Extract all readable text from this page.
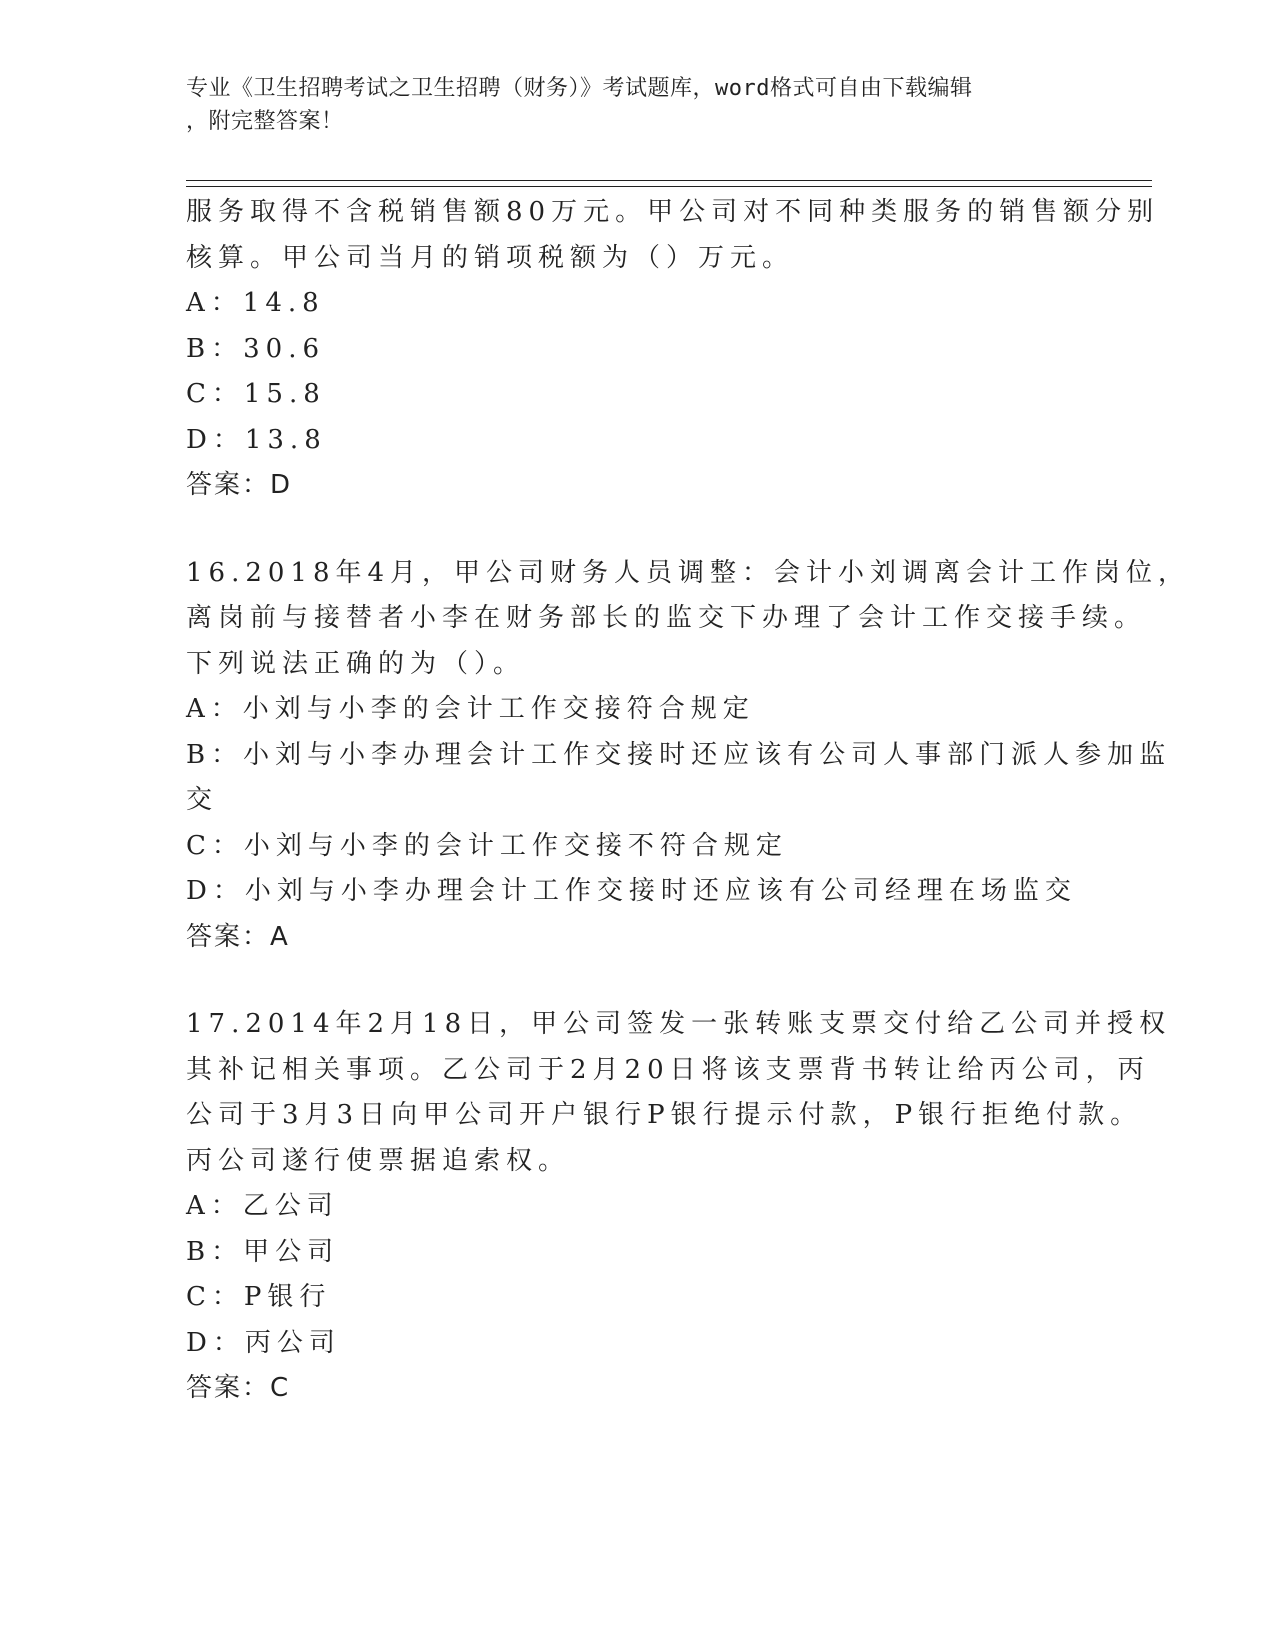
专业《卫生招聘考试之卫生招聘（财务）》考试题库，word格式可自由下载编辑
，附完整答案！
服务取得不含税销售额80万元。甲公司对不同种类服务的销售额分别
核算。甲公司当月的销项税额为（）万元。
A：14.8
B：30.6
C：15.8
D：13.8
答案：D
16.2018年4月，甲公司财务人员调整：会计小刘调离会计工作岗位，
离岗前与接替者小李在财务部长的监交下办理了会计工作交接手续。
下列说法正确的为（）。
A：小刘与小李的会计工作交接符合规定
B：小刘与小李办理会计工作交接时还应该有公司人事部门派人参加监
交
C：小刘与小李的会计工作交接不符合规定
D：小刘与小李办理会计工作交接时还应该有公司经理在场监交
答案：A
17.2014年2月18日，甲公司签发一张转账支票交付给乙公司并授权
其补记相关事项。乙公司于2月20日将该支票背书转让给丙公司，丙
公司于3月3日向甲公司开户银行P银行提示付款，P银行拒绝付款。
丙公司遂行使票据追索权。
A：乙公司
B：甲公司
C：P银行
D：丙公司
答案：C
